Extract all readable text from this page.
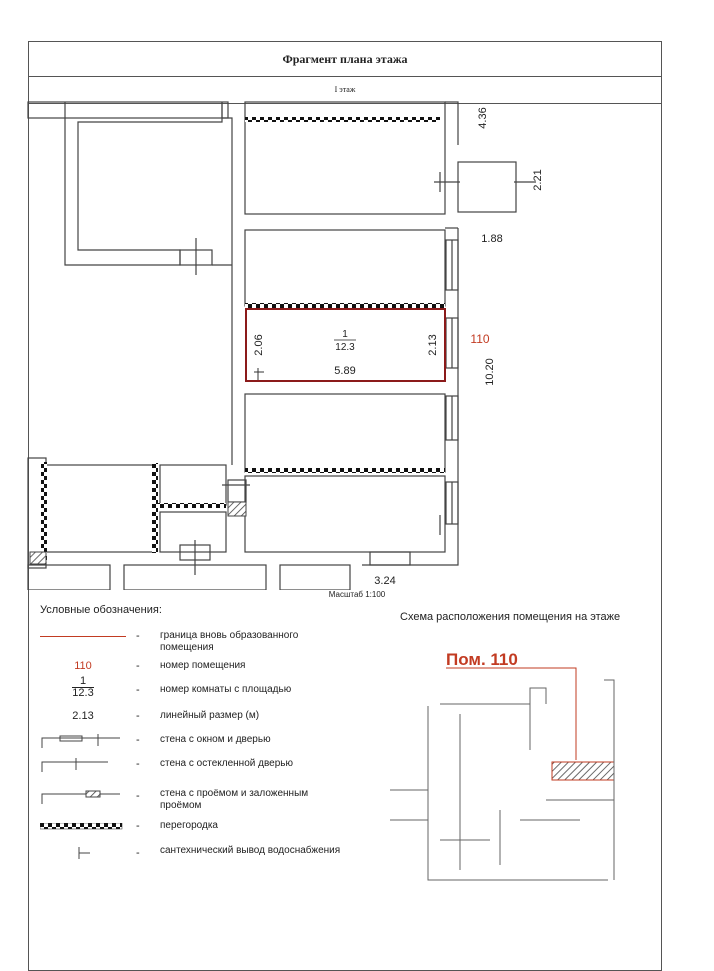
Фрагмент плана этажа
I этаж
1
12.3
110
5.89
2.06	2.13
4.36
2.21
1.88
10.20
3.24
Масштаб 1:100
Условные обозначения:
Схема расположения помещения на этаже
- граница вновь образованного помещения
110	- номер помещения
1
12.3	- номер комнаты с площадью
2.13	- линейный размер (м)
- стена с окном и дверью
- стена с остекленной дверью
- стена с проёмом и заложенным проёмом
- перегородка
- сантехнический вывод водоснабжения
Пом. 110
